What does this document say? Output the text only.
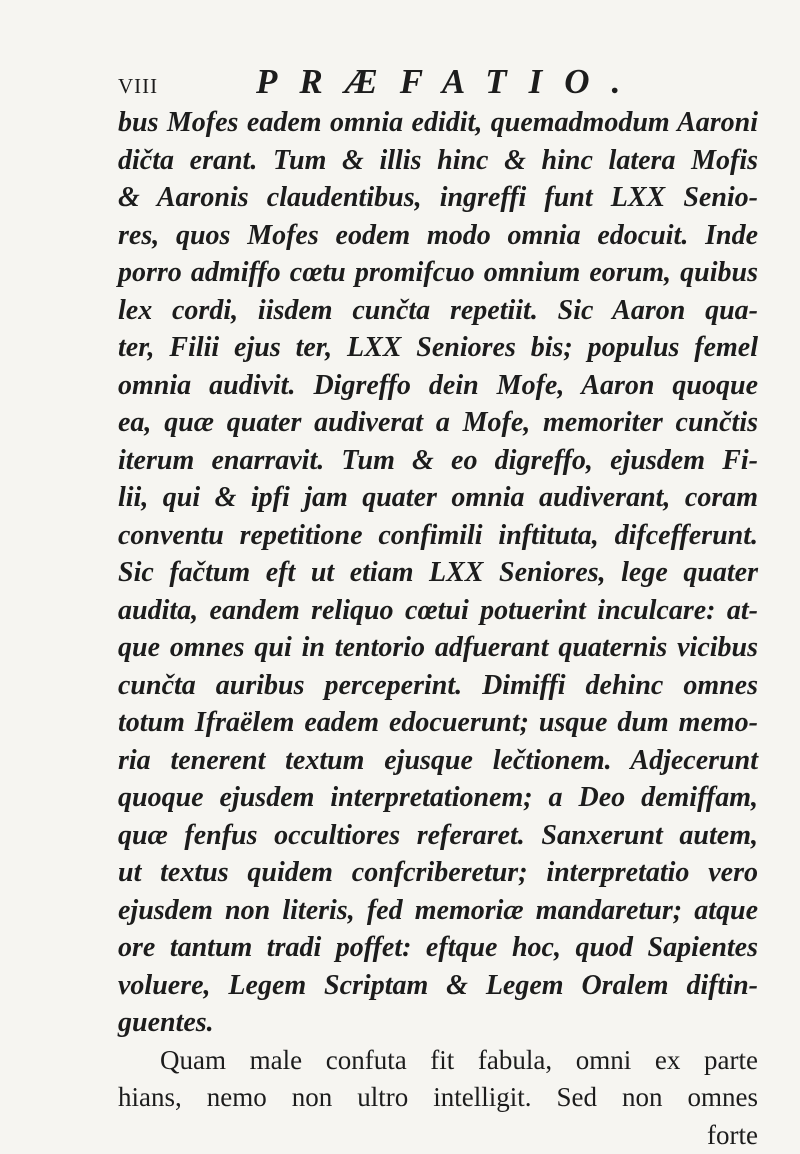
VIII	PRÆFATIO.
bus Mofes eadem omnia edidit, quemadmodum Aaroni
dičta erant. Tum & illis hinc & hinc latera Mofis
& Aaronis claudentibus, ingreffi funt LXX Senio-
res, quos Mofes eodem modo omnia edocuit. Inde
porro admiffo cœtu promifcuo omnium eorum, quibus
lex cordi, iisdem cunčta repetiit. Sic Aaron qua-
ter, Filii ejus ter, LXX Seniores bis; populus femel
omnia audivit. Digreffo dein Mofe, Aaron quoque
ea, quæ quater audiverat a Mofe, memoriter cunčtis
iterum enarravit. Tum & eo digreffo, ejusdem Fi-
lii, qui & ipfi jam quater omnia audiverant, coram
conventu repetitione confimili inftituta, difcefferunt.
Sic fačtum eft ut etiam LXX Seniores, lege quater
audita, eandem reliquo cœtui potuerint inculcare: at-
que omnes qui in tentorio adfuerant quaternis vicibus
cunčta auribus perceperint. Dimiffi dehinc omnes
totum Ifraëlem eadem edocuerunt; usque dum memo-
ria tenerent textum ejusque lečtionem. Adjecerunt
quoque ejusdem interpretationem; a Deo demiffam,
quæ fenfus occultiores referaret. Sanxerunt autem,
ut textus quidem confcriberetur; interpretatio vero
ejusdem non literis, fed memoriæ mandaretur; atque
ore tantum tradi poffet: eftque hoc, quod Sapientes
voluere, Legem Scriptam & Legem Oralem diftin-
guentes.
Quam male confuta fit fabula, omni ex parte
hians, nemo non ultro intelligit. Sed non omnes
forte
